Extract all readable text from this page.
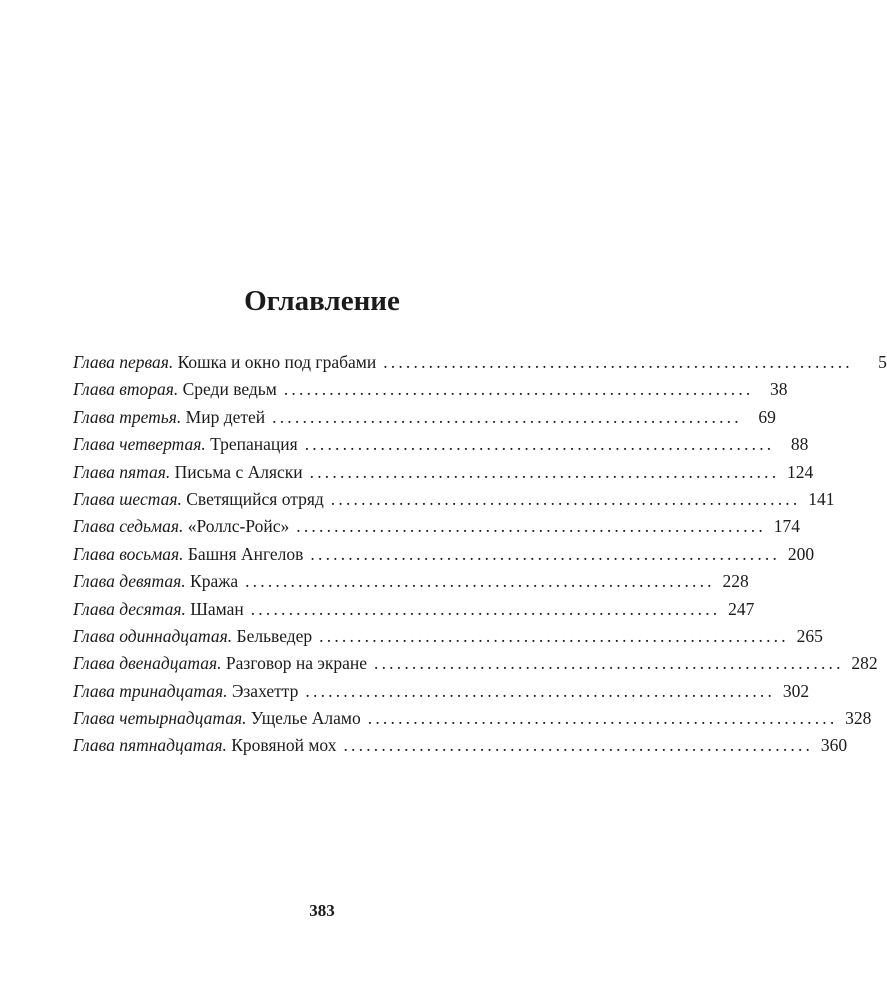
Оглавление
Глава первая. Кошка и окно под грабами ..............................................................	5
Глава вторая. Среди ведьм .............................................................. 38
Глава третья. Мир детей .............................................................. 69
Глава четвертая. Трепанация .............................................................. 88
Глава пятая. Письма с Аляски .............................................................. 124
Глава шестая. Светящийся отряд .............................................................. 141
Глава седьмая. «Роллс-Ройс» .............................................................. 174
Глава восьмая. Башня Ангелов .............................................................. 200
Глава девятая. Кража .............................................................. 228
Глава десятая. Шаман .............................................................. 247
Глава одиннадцатая. Бельведер .............................................................. 265
Глава двенадцатая. Разговор на экране .............................................................. 282
Глава тринадцатая. Эзахеттр .............................................................. 302
Глава четырнадцатая. Ущелье Аламо .............................................................. 328
Глава пятнадцатая. Кровяной мох .............................................................. 360
383
